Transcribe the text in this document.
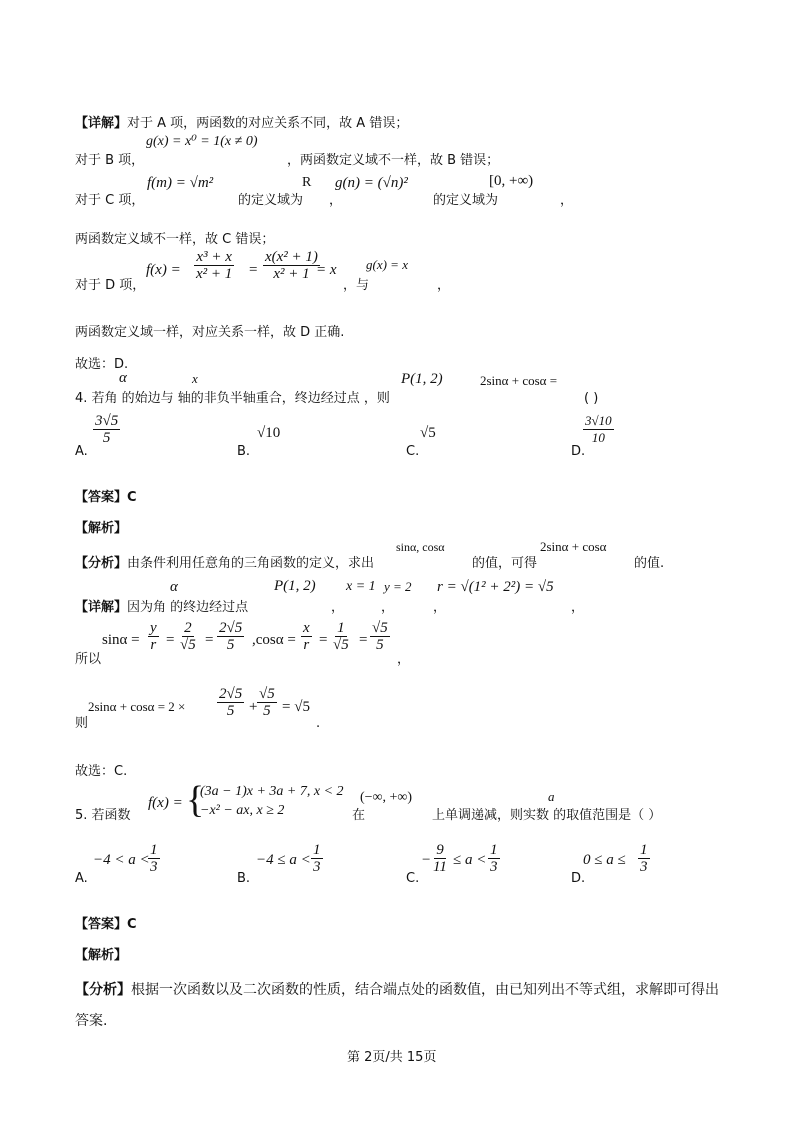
【详解】对于 A 项，两函数的对应关系不同，故 A 错误；
g(x) = x⁰ = 1(x ≠ 0)
对于 B 项，	，两函数定义域不一样，故 B 错误；
f(m) = √m²	R g(n) = (√n)²	[0, +∞)
对于 C 项，	的定义域为 ，	的定义域为	，
两函数定义域不一样，故 C 错误；
$f(x) = \frac{\text{x³ + x}}{\text{x² + 1}} = \frac{\text{x(x² + 1)}}{\text{x² + 1}}$
= x g(x) = x
对于 D 项，	，与	，
两函数定义域一样，对应关系一样，故 D 正确.
故选：D.
α	x	P(1, 2)	2sinα + cosα =
4. 若角 的始边与 轴的非负半轴重合，终边经过点 ，则	( )
A.
$\frac{3√5}{5}$
B.
√10
C.
√5
D.
$\frac{3√10}{10}$
【答案】C
【解析】
sinα, cosα	2sinα + cosα
【分析】由条件利用任意角的三角函数的定义，求出	的值，可得	的值.
α	P(1, 2) x = 1 y = 2 r = √(1² + 2²) = √5
【详解】因为角 的终边经过点	，	，	，	，
$\sin\alpha = \frac{y}{r} = \frac{2}{√5} = \frac{2√5}{5} ,\cos\alpha = \frac{x}{r} = \frac{1}{√5} = \frac{√5}{5}$
，
所以
$2\sin\alpha + \cos\alpha = 2 \times \frac{2√5}{5} + \frac{√5}{5} = √5$
则	.
故选：C.
f(x) = {
(3a − 1)x + 3a + 7, x < 2
−x² − ax, x ≥ 2
(−∞, +∞)	a
5. 若函数	在	上单调递减，则实数 的取值范围是（ ）
A.
−4 < a <
$\frac{1}{3}$
B.
$-4 \le a < \frac{1}{3}$
C.
− $\frac{9}{11} \le a < \frac{1}{3}$
D.
$0 \le a \le \frac{1}{3}$
【答案】C
【解析】
【分析】根据一次函数以及二次函数的性质，结合端点处的函数值，由已知列出不等式组，求解即可得出
答案.
第 2页/共 15页
